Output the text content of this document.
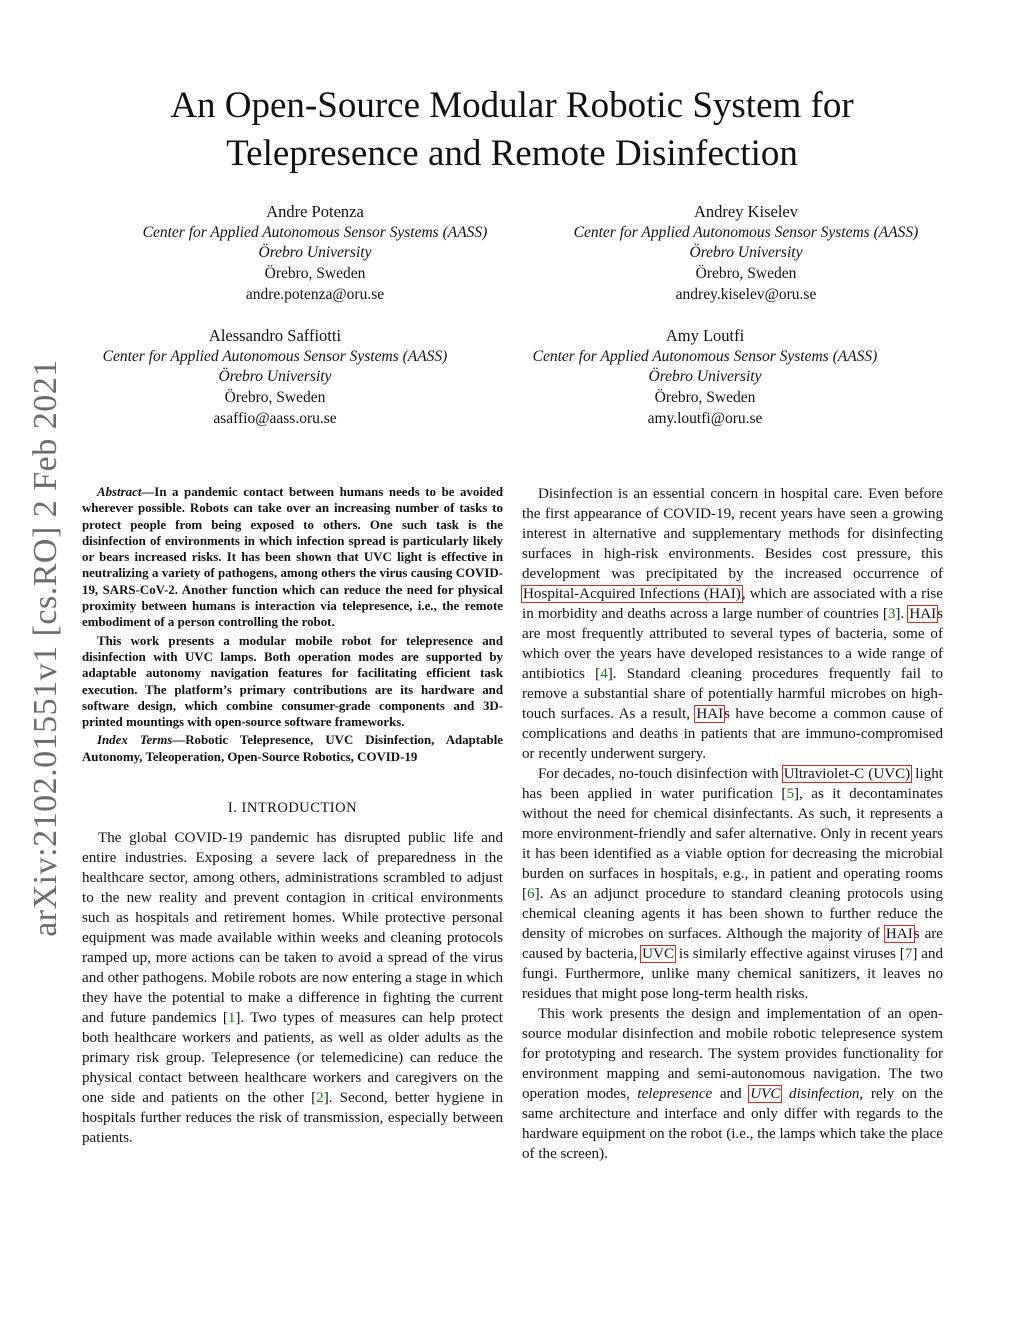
arXiv:2102.01551v1 [cs.RO] 2 Feb 2021
An Open-Source Modular Robotic System for
Telepresence and Remote Disinfection
Andre Potenza
Center for Applied Autonomous Sensor Systems (AASS)
Örebro University
Örebro, Sweden
andre.potenza@oru.se
Andrey Kiselev
Center for Applied Autonomous Sensor Systems (AASS)
Örebro University
Örebro, Sweden
andrey.kiselev@oru.se
Alessandro Saffiotti
Center for Applied Autonomous Sensor Systems (AASS)
Örebro University
Örebro, Sweden
asaffio@aass.oru.se
Amy Loutfi
Center for Applied Autonomous Sensor Systems (AASS)
Örebro University
Örebro, Sweden
amy.loutfi@oru.se

Abstract—In a pandemic contact between humans needs to be avoided wherever possible. Robots can take over an increasing number of tasks to protect people from being exposed to others. One such task is the disinfection of environments in which infection spread is particularly likely or bears increased risks. It has been shown that UVC light is effective in neutralizing a variety of pathogens, among others the virus causing COVID-19, SARS-CoV-2. Another function which can reduce the need for physical proximity between humans is interaction via telepresence, i.e., the remote embodiment of a person controlling the robot.

This work presents a modular mobile robot for telepresence and disinfection with UVC lamps. Both operation modes are supported by adaptable autonomy navigation features for facilitating efficient task execution. The platform’s primary contributions are its hardware and software design, which combine consumer-grade components and 3D-printed mountings with open-source software frameworks.

Index Terms—Robotic Telepresence, UVC Disinfection, Adaptable Autonomy, Teleoperation, Open-Source Robotics, COVID-19

I. INTRODUCTION

The global COVID-19 pandemic has disrupted public life and entire industries. Exposing a severe lack of preparedness in the healthcare sector, among others, administrations scrambled to adjust to the new reality and prevent contagion in critical environments such as hospitals and retirement homes. While protective personal equipment was made available within weeks and cleaning protocols ramped up, more actions can be taken to avoid a spread of the virus and other pathogens. Mobile robots are now entering a stage in which they have the potential to make a difference in fighting the current and future pandemics [1]. Two types of measures can help protect both healthcare workers and patients, as well as older adults as the primary risk group. Telepresence (or telemedicine) can reduce the physical contact between healthcare workers and caregivers on the one side and patients on the other [2]. Second, better hygiene in hospitals further reduces the risk of transmission, especially between patients.

Disinfection is an essential concern in hospital care. Even before the first appearance of COVID-19, recent years have seen a growing interest in alternative and supplementary methods for disinfecting surfaces in high-risk environments. Besides cost pressure, this development was precipitated by the increased occurrence of Hospital-Acquired Infections (HAI), which are associated with a rise in morbidity and deaths across a large number of countries [3]. HAIs are most frequently attributed to several types of bacteria, some of which over the years have developed resistances to a wide range of antibiotics [4]. Standard cleaning procedures frequently fail to remove a substantial share of potentially harmful microbes on high-touch surfaces. As a result, HAIs have become a common cause of complications and deaths in patients that are immuno-compromised or recently underwent surgery.

For decades, no-touch disinfection with Ultraviolet-C (UVC) light has been applied in water purification [5], as it decontaminates without the need for chemical disinfectants. As such, it represents a more environment-friendly and safer alternative. Only in recent years it has been identified as a viable option for decreasing the microbial burden on surfaces in hospitals, e.g., in patient and operating rooms [6]. As an adjunct procedure to standard cleaning protocols using chemical cleaning agents it has been shown to further reduce the density of microbes on surfaces. Although the majority of HAIs are caused by bacteria, UVC is similarly effective against viruses [7] and fungi. Furthermore, unlike many chemical sanitizers, it leaves no residues that might pose long-term health risks.

This work presents the design and implementation of an open-source modular disinfection and mobile robotic telepresence system for prototyping and research. The system provides functionality for environment mapping and semi-autonomous navigation. The two operation modes, telepresence and UVC disinfection, rely on the same architecture and interface and only differ with regards to the hardware equipment on the robot (i.e., the lamps which take the place of the screen).
